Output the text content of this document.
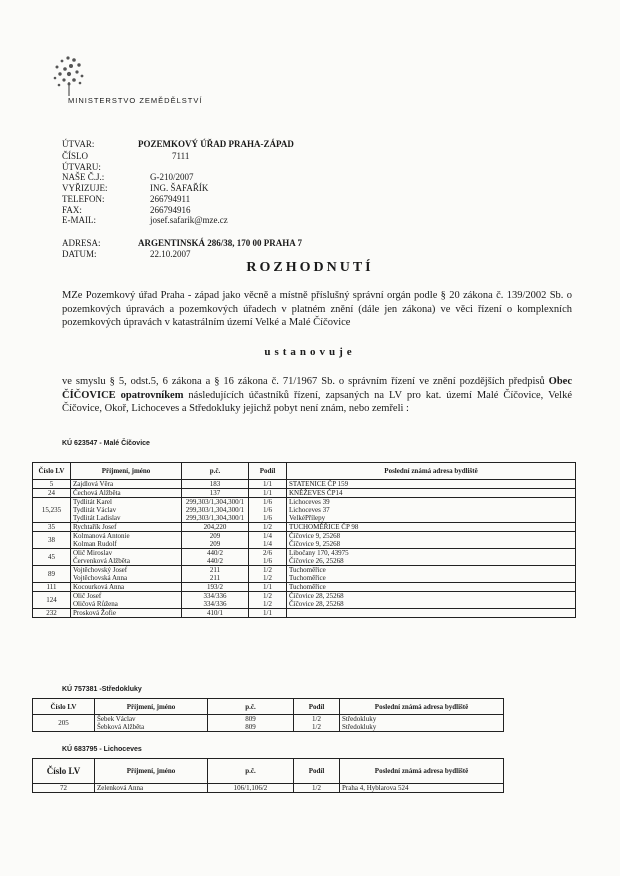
MINISTERSTVO ZEMĚDĚLSTVÍ
ÚTVAR:	POZEMKOVÝ ÚŘAD PRAHA-ZÁPAD
ČÍSLO ÚTVARU:
7111
NAŠE Č.J.:	G-210/2007
VYŘIZUJE:	ING. ŠAFAŘÍK
TELEFON:	266794911
FAX:	266794916
E-MAIL:	josef.safarik@mze.cz
ADRESA:	ARGENTINSKÁ 286/38, 170 00 PRAHA 7
DATUM:	22.10.2007
ROZHODNUTÍ
MZe Pozemkový úřad Praha - západ jako věcně a místně příslušný správní orgán podle § 20 zákona č. 139/2002 Sb. o pozemkových úpravách a pozemkových úřadech v platném znění (dále jen zákona) ve věci řízení o komplexních pozemkových úpravách v katastrálním území Velké a Malé Číčovice
ustanovuje
ve smyslu § 5, odst.5, 6 zákona a § 16 zákona č. 71/1967 Sb. o správním řízení ve znění pozdějších předpisů Obec ČÍČOVICE opatrovníkem následujících účastníků řízení, zapsaných na LV pro kat. území Malé Číčovice, Velké Číčovice, Okoř, Lichoceves a Středokluky jejichž pobyt není znám, nebo zemřeli :
KÚ 623547 - Malé Číčovice
Číslo LV	Příjmení, jméno	p.č.	Podíl	Poslední známá adresa bydliště
5	Zajdlová Věra	183	1/1	STATENICE ČP 159

24	Čechová Alžběta	137	1/1	KNĚŽEVES ČP14

15,235	Tydlitát Karel
Tydlitát Václav
Tydlitát Ladislav	299,303/1,304,300/1
299,303/1,304,300/1
299,303/1,304,300/1	1/6
1/6
1/6	Lichoceves 39
Lichoceves 37
VelkéPřílepy

35	Rychtařík Josef	204,220	1/2	TUCHOMĚŘICE ČP 98

38	Kolmanová Antonie
Kolman Rudolf	209
209	1/4
1/4	Číčovice 9, 25268
Číčovice 9, 25268

45	Olič Miroslav
Červenková Alžběta	440/2
440/2	2/6
1/6	Libočany 170, 43975
Číčovice 26, 25268

89	Vojtěchovský Josef
Vojtěchovská Anna	211
211	1/2
1/2	Tuchoměřice
Tuchoměřice

111	Kocourková Anna	193/2	1/1	Tuchoměřice

124	Olič Josef
Oličová Růžena	334/336
334/336	1/2
1/2	Číčovice 28, 25268
Číčovice 28, 25268

232	Prosková Žofie	410/1	1/1	

KÚ 757381 -Středokluky
Číslo LV	Příjmení, jméno	p.č.	Podíl	Poslední známá adresa bydliště
205	Šebek Václav
Šebková Alžběta	809
809	1/2
1/2	Středokluky
Středokluky
KÚ 683795 - Lichoceves
Číslo LV	Příjmení, jméno	p.č.	Podíl	Poslední známá adresa bydliště
72	Zelenková Anna	106/1,106/2	1/2	Praha 4, Hyblarova 524
